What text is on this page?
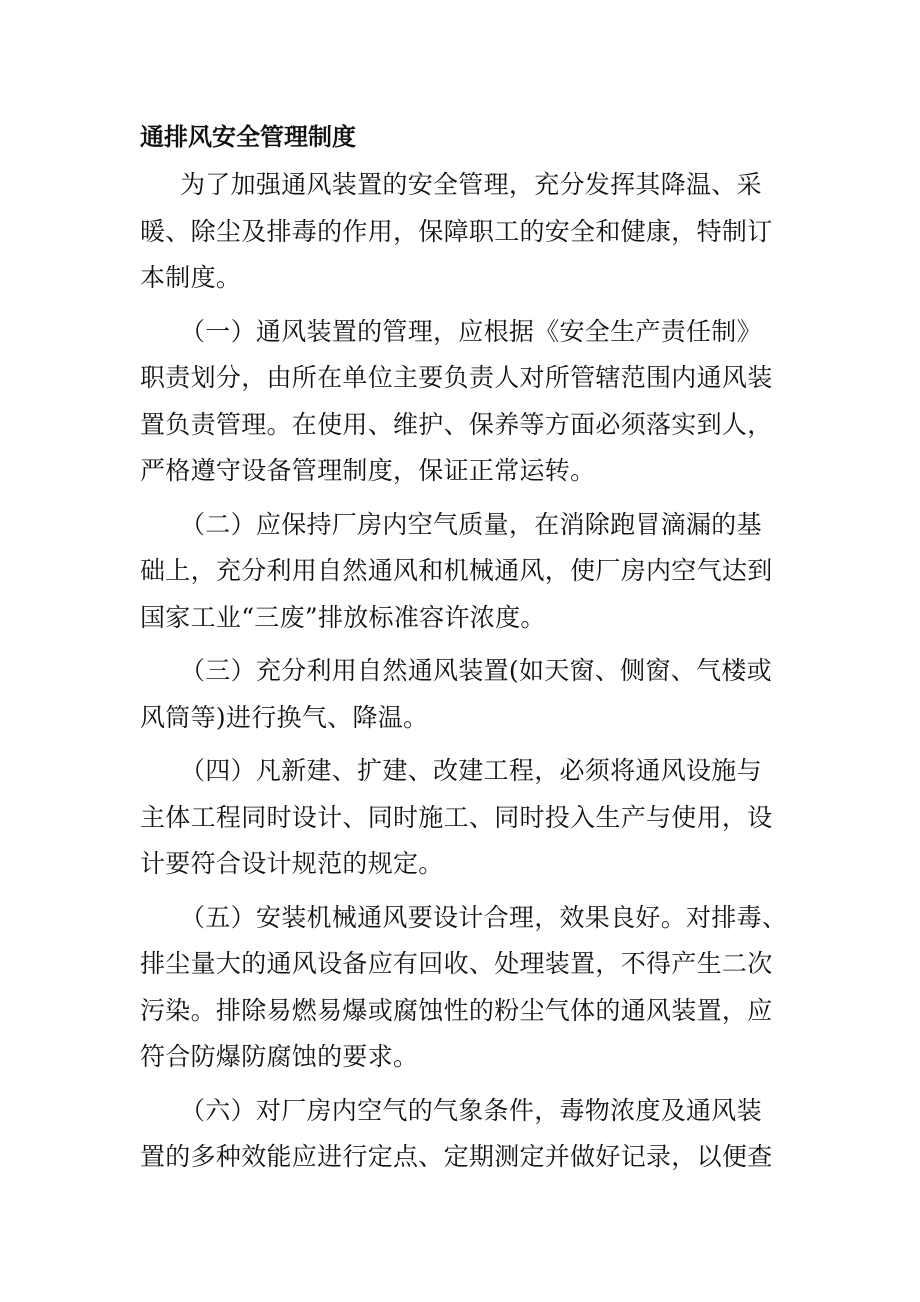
通排风安全管理制度
为了加强通风装置的安全管理，充分发挥其降温、采
暖、除尘及排毒的作用，保障职工的安全和健康，特制订
本制度。
（一）通风装置的管理，应根据《安全生产责任制》
职责划分，由所在单位主要负责人对所管辖范围内通风装
置负责管理。在使用、维护、保养等方面必须落实到人，
严格遵守设备管理制度，保证正常运转。
（二）应保持厂房内空气质量，在消除跑冒滴漏的基
础上，充分利用自然通风和机械通风，使厂房内空气达到
国家工业“三废”排放标准容许浓度。
（三）充分利用自然通风装置(如天窗、侧窗、气楼或
风筒等)进行换气、降温。
（四）凡新建、扩建、改建工程，必须将通风设施与
主体工程同时设计、同时施工、同时投入生产与使用，设
计要符合设计规范的规定。
（五）安装机械通风要设计合理，效果良好。对排毒、
排尘量大的通风设备应有回收、处理装置，不得产生二次
污染。排除易燃易爆或腐蚀性的粉尘气体的通风装置，应
符合防爆防腐蚀的要求。
（六）对厂房内空气的气象条件，毒物浓度及通风装
置的多种效能应进行定点、定期测定并做好记录，以便查
